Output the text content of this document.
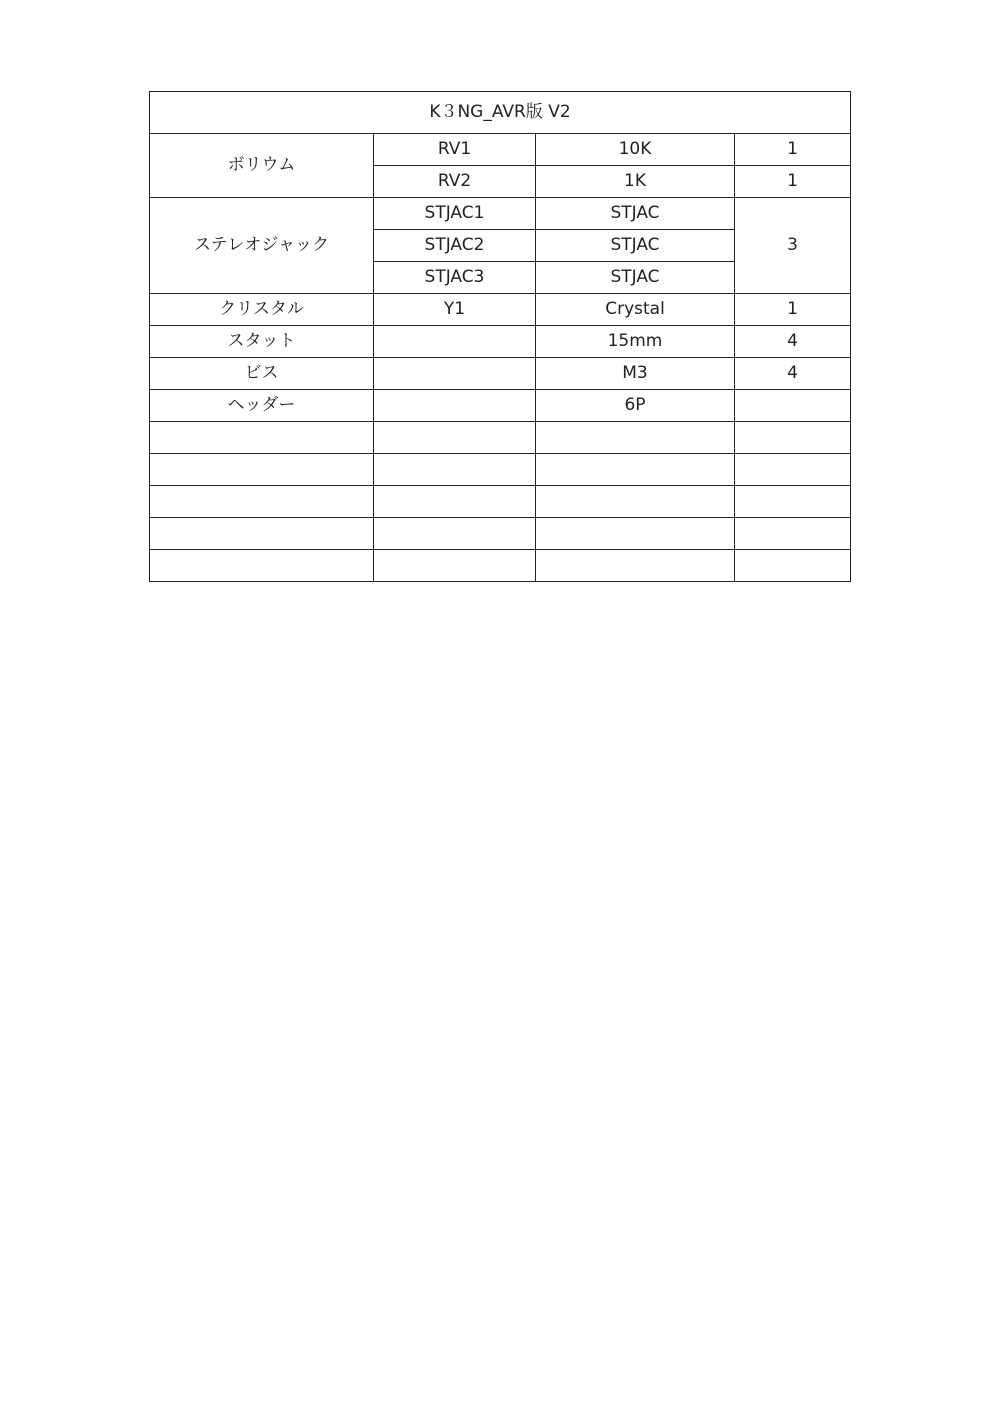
K３NG_AVR版 V2			
ボリウム	RV1	10K	1
	RV2	1K	1
ステレオジャック	STJAC1	STJAC	3
	STJAC2	STJAC	
	STJAC3	STJAC	
クリスタル	Y1	Crystal	1
スタット		15mm	4
ビス		M3	4
ヘッダー		6P	
